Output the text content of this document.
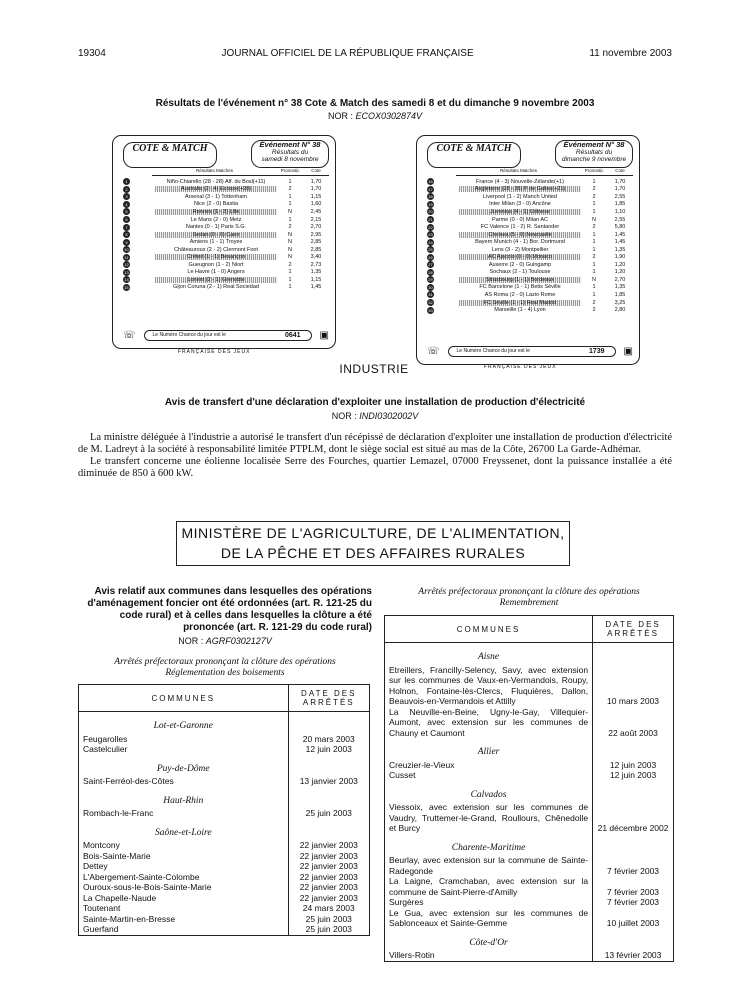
19304	JOURNAL OFFICIEL DE LA RÉPUBLIQUE FRANÇAISE	11 novembre 2003
Résultats de l'événement n° 38 Cote & Match des samedi 8 et du dimanche 9 novembre 2003
NOR : ECOX0302874V
COTE & MATCH	Événement N° 38
Résultats du
samedi 8 novembre
Résultats Matches	Pronostic	Cote
1	Niño-Chiarello (28 - 28) Alf. du Bosl(+11)	1	1,70
2	Australie (2 - 4) Écosse(+28)	2	1,70
3	Arsenal (3 - 1) Tottenham	1	1,15
4	Nice (2 - 0) Bastia	1	1,60
5	Rennes (1 - 3) Lille	N	2,45
6	Le Mans (2 - 0) Metz	1	2,15
7	Nantes (0 - 1) Paris S.G.	2	2,70
8	Sedan (0 - 0) Caen	N	2,95
9	Amiens (1 - 1) Troyes	N	2,85
10	Châteauroux (2 - 2) Clermont Foot	N	2,85
11	Créteil (1 - 1) Besançon	N	3,40
12	Gueugnon (1 - 2) Niort	2	2,73
13	Le Havre (1 - 0) Angers	1	1,35
14	Lorient (2 - 1) Grenoble	1	1,15
15	Gijon Coruna (2 - 1) Real Sociedad	1	1,45
☏	Le Numéro Chance du jour est le	0641 ▣
FRANÇAISE DES JEUX
COTE & MATCH	Événement N° 38
Résultats du
dimanche 9 novembre
Résultats Matches	Pronostic	Cote
16	France (4 - 3) Nouvelle-Zélande(+1)	1	1,70
17	Angleterre (28 - 36) P de Galles(+21)	2	1,70
18	Liverpool (1 - 2) Manch United	2	2,55
19	Inter Milan (3 - 0) Ancône	1	1,85
20	Juventus (4 - 1) Udinese	1	1,10
21	Parme (0 - 0) Milan AC	N	2,55
22	FC Valence (1 - 2) R. Santander	2	5,80
23	Chelsea (5 - 0) Newcastle	1	1,45
24	Bayern Munich (4 - 1) Bor. Dortmund	1	1,45
25	Lens (3 - 2) Montpellier	1	1,35
26	AC Ajaccio (0 - 0) Monaco	2	1,90
27	Auxerre (2 - 0) Guingamp	1	1,20
28	Sochaux (2 - 1) Toulouse	1	1,20
29	Strasbourg (1 - 1) Bordeaux	N	2,70
30	FC Barcelone (1 - 1) Betis Séville	1	1,35
31	AS Roma (2 - 0) Lazio Rome	1	1,85
32	FC Séville (1 - 1) Real Madrid	2	3,25
33	Marseille (1 - 4) Lyon	2	2,80
☏	Le Numéro Chance du jour est le	1739 ▣
FRANÇAISE DES JEUX
INDUSTRIE
Avis de transfert d'une déclaration d'exploiter une installation de production d'électricité
NOR : INDI0302002V

La ministre déléguée à l'industrie a autorisé le transfert d'un récépissé de déclaration d'exploiter une installation de production d'électricité de M. Ladreyt à la société à responsabilité limitée PTPLM, dont le siège social est situé au mas de la Côte, 26700 La Garde-Adhémar.

Le transfert concerne une éolienne localisée Serre des Fourches, quartier Lemazel, 07000 Freyssenet, dont la puissance installée a été diminuée de 850 à 600 kW.

MINISTÈRE DE L'AGRICULTURE, DE L'ALIMENTATION,
DE LA PÊCHE ET DES AFFAIRES RURALES
Avis relatif aux communes dans lesquelles des opérations d'aménagement foncier ont été ordonnées (art. R. 121-25 du code rural) et à celles dans lesquelles la clôture a été prononcée (art. R. 121-29 du code rural)
NOR : AGRF0302127V
Arrêtés préfectoraux prononçant la clôture des opérations
Réglementation des boisements
COMMUNES	DATE DES ARRÊTÉS
Lot-et-Garonne	
Feugarolles	20 mars 2003
Castelculier	12 juin 2003
Puy-de-Dôme	
Saint-Ferréol-des-Côtes	13 janvier 2003
Haut-Rhin	
Rombach-le-Franc	25 juin 2003
Saône-et-Loire	
Montcony	22 janvier 2003
Bois-Sainte-Marie	22 janvier 2003
Dettey	22 janvier 2003
L'Abergement-Sainte-Colombe	22 janvier 2003
Ouroux-sous-le-Bois-Sainte-Marie	22 janvier 2003
La Chapelle-Naude	22 janvier 2003
Toutenant	24 mars 2003
Sainte-Martin-en-Bresse	25 juin 2003
Guerfand	25 juin 2003
Arrêtés préfectoraux prononçant la clôture des opérations
Remembrement
COMMUNES	DATE DES ARRÊTÉS
Aisne	
Etreillers, Francilly-Selency, Savy, avec extension sur les communes de Vaux-en-Vermandois, Roupy, Holnon, Fontaine-lès-Clercs, Fluquières, Dallon, Beauvois-en-Vermandois et Attilly	10 mars 2003
La Neuville-en-Beine, Ugny-le-Gay, Villequier-Aumont, avec extension sur les communes de Chauny et Caumont	22 août 2003
Allier	
Creuzier-le-Vieux	12 juin 2003
Cusset	12 juin 2003
Calvados	
Viessoix, avec extension sur les communes de Vaudry, Truttemer-le-Grand, Roullours, Chênedolle et Burcy	21 décembre 2002
Charente-Maritime	
Beurlay, avec extension sur la commune de Sainte-Radegonde	7 février 2003
La Laigne, Cramchaban, avec extension sur la commune de Saint-Pierre-d'Amilly	7 février 2003
Surgères	7 février 2003
Le Gua, avec extension sur les communes de Sablonceaux et Sainte-Gemme	10 juillet 2003
Côte-d'Or	
Villers-Rotin	13 février 2003
